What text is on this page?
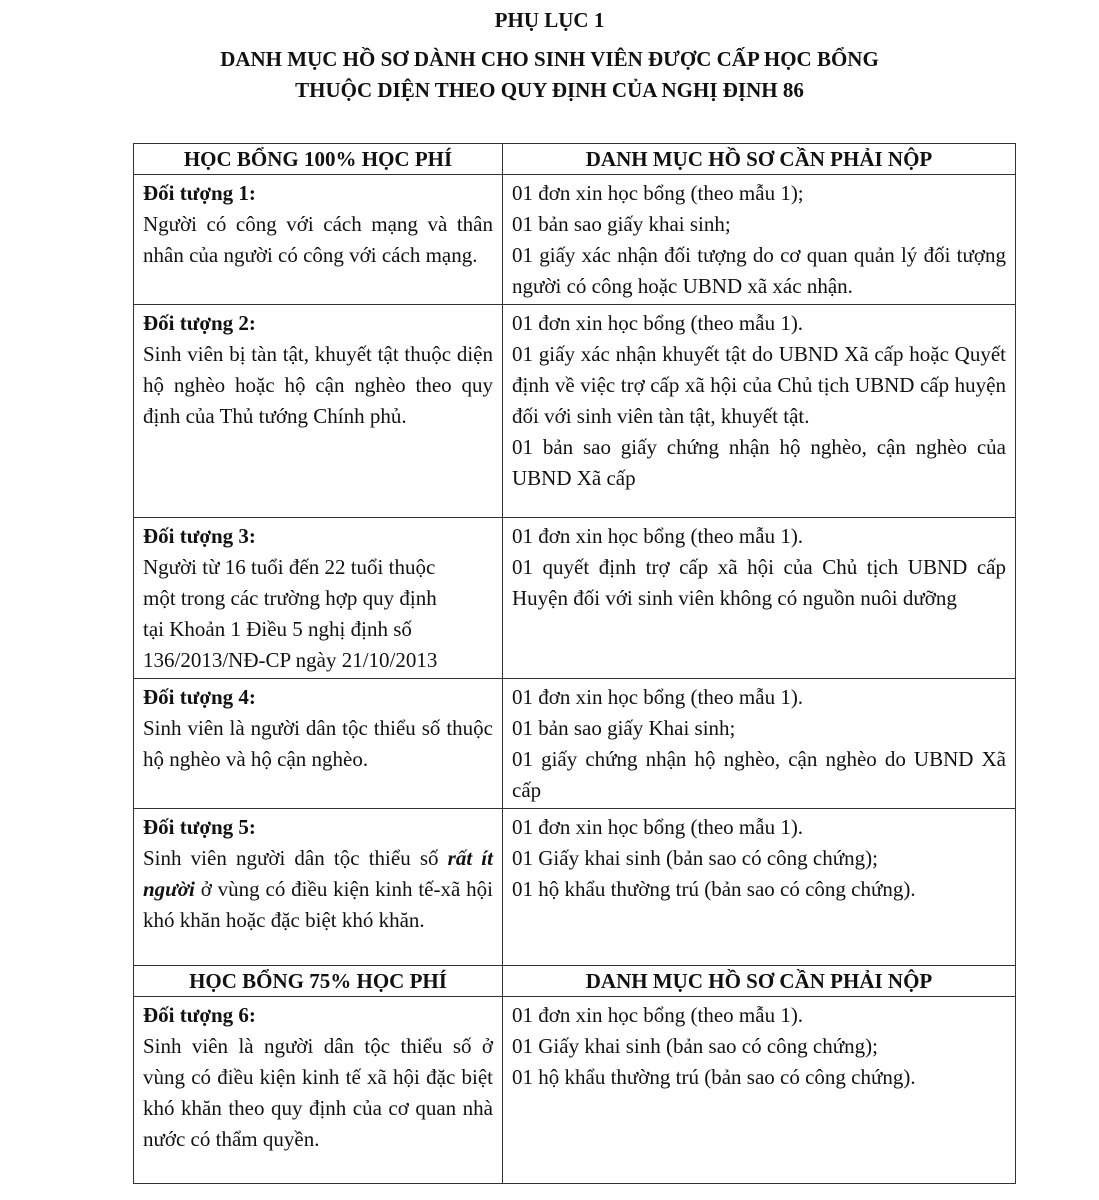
PHỤ LỤC 1
DANH MỤC HỒ SƠ DÀNH CHO SINH VIÊN ĐƯỢC CẤP HỌC BỔNG
THUỘC DIỆN THEO QUY ĐỊNH CỦA NGHỊ ĐỊNH 86
HỌC BỔNG 100% HỌC PHÍ	DANH MỤC HỒ SƠ CẦN PHẢI NỘP

Đối tượng 1:
Người có công với cách mạng và thân nhân của người có công với cách mạng.	01 đơn xin học bổng (theo mẫu 1);
01 bản sao giấy khai sinh;
01 giấy xác nhận đối tượng do cơ quan quản lý đối tượng người có công hoặc UBND xã xác nhận.

Đối tượng 2:
Sinh viên bị tàn tật, khuyết tật thuộc diện hộ nghèo hoặc hộ cận nghèo theo quy định của Thủ tướng Chính phủ.	01 đơn xin học bổng (theo mẫu 1).
01 giấy xác nhận khuyết tật do UBND Xã cấp hoặc Quyết định về việc trợ cấp xã hội của Chủ tịch UBND cấp huyện đối với sinh viên tàn tật, khuyết tật.
01 bản sao giấy chứng nhận hộ nghèo, cận nghèo của UBND Xã cấp

Đối tượng 3:
Người từ 16 tuổi đến 22 tuổi thuộc
một trong các trường hợp quy định
tại Khoản 1 Điều 5 nghị định số
136/2013/NĐ-CP ngày 21/10/2013	01 đơn xin học bổng (theo mẫu 1).
01 quyết định trợ cấp xã hội của Chủ tịch UBND cấp Huyện đối với sinh viên không có nguồn nuôi dưỡng

Đối tượng 4:
Sinh viên là người dân tộc thiểu số thuộc hộ nghèo và hộ cận nghèo.	01 đơn xin học bổng (theo mẫu 1).
01 bản sao giấy Khai sinh;
01 giấy chứng nhận hộ nghèo, cận nghèo do UBND Xã cấp

Đối tượng 5:
Sinh viên người dân tộc thiểu số rất ít người ở vùng có điều kiện kinh tế-xã hội khó khăn hoặc đặc biệt khó khăn.	01 đơn xin học bổng (theo mẫu 1).
01 Giấy khai sinh (bản sao có công chứng);
01 hộ khẩu thường trú (bản sao có công chứng).

HỌC BỔNG 75% HỌC PHÍ	DANH MỤC HỒ SƠ CẦN PHẢI NỘP

Đối tượng 6:
Sinh viên là người dân tộc thiểu số ở vùng có điều kiện kinh tế xã hội đặc biệt khó khăn theo quy định của cơ quan nhà nước có thẩm quyền.	01 đơn xin học bổng (theo mẫu 1).
01 Giấy khai sinh (bản sao có công chứng);
01 hộ khẩu thường trú (bản sao có công chứng).
